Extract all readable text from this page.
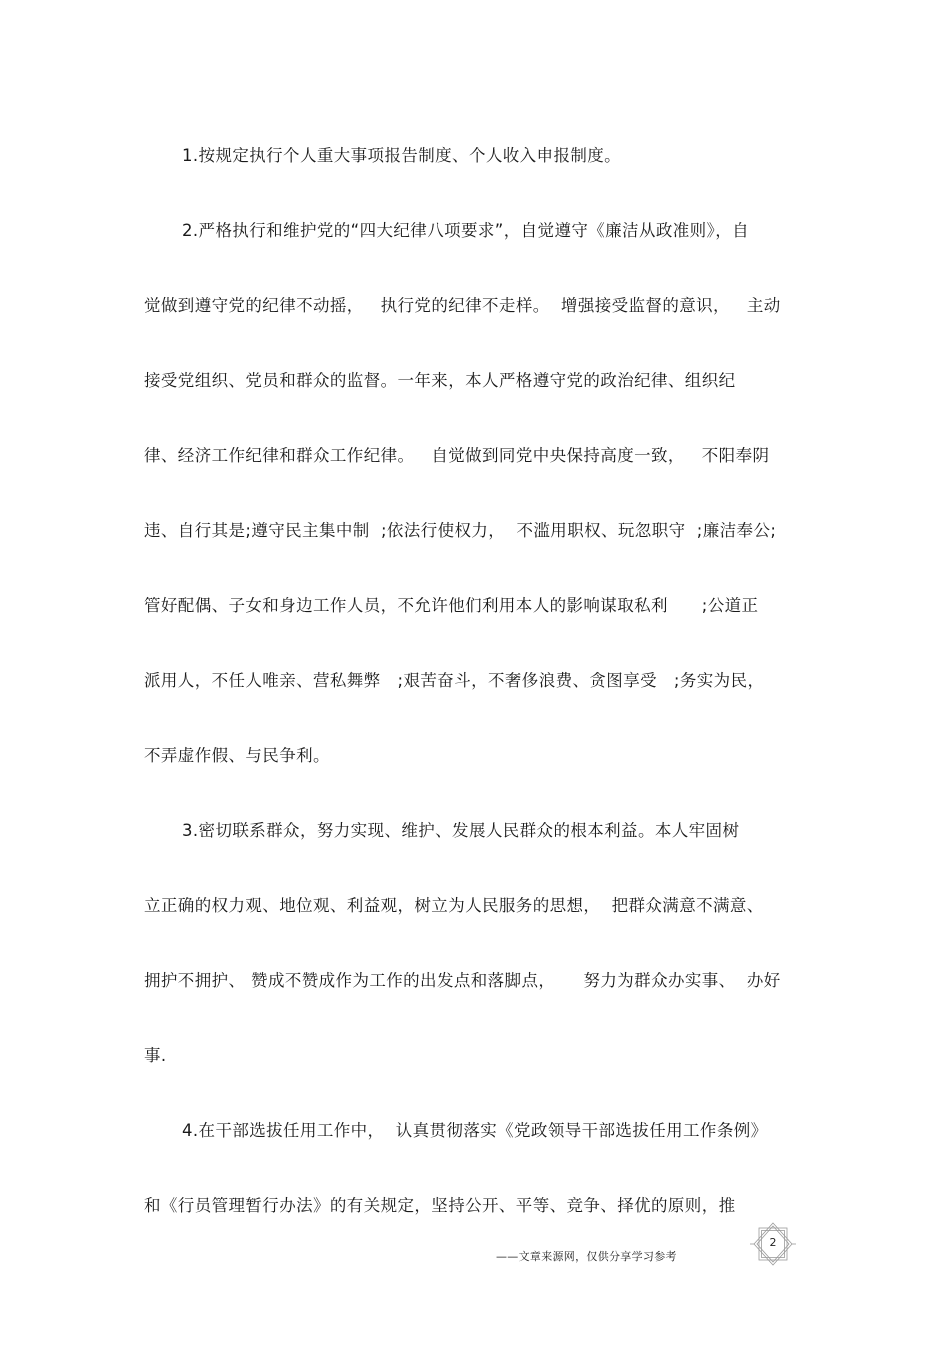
1.按规定执行个人重大事项报告制度、个人收入申报制度。
2.严格执行和维护党的“四大纪律八项要求”，自觉遵守《廉洁从政准则》，自
觉做到遵守党的纪律不动摇，   执行党的纪律不走样。  增强接受监督的意识，   主动
接受党组织、党员和群众的监督。一年来，本人严格遵守党的政治纪律、组织纪
律、经济工作纪律和群众工作纪律。   自觉做到同党中央保持高度一致，   不阳奉阴
违、自行其是;遵守民主集中制  ;依法行使权力，  不滥用职权、玩忽职守  ;廉洁奉公;
管好配偶、子女和身边工作人员，不允许他们利用本人的影响谋取私利      ;公道正
派用人，不任人唯亲、营私舞弊   ;艰苦奋斗，不奢侈浪费、贪图享受   ;务实为民，
不弄虚作假、与民争利。
3.密切联系群众，努力实现、维护、发展人民群众的根本利益。本人牢固树
立正确的权力观、地位观、利益观，树立为人民服务的思想，  把群众满意不满意、
拥护不拥护、 赞成不赞成作为工作的出发点和落脚点，     努力为群众办实事、  办好
事.
4.在干部选拔任用工作中，  认真贯彻落实《党政领导干部选拔任用工作条例》
和《行员管理暂行办法》的有关规定，坚持公开、平等、竞争、择优的原则，推
——文章来源网，仅供分享学习参考
2
